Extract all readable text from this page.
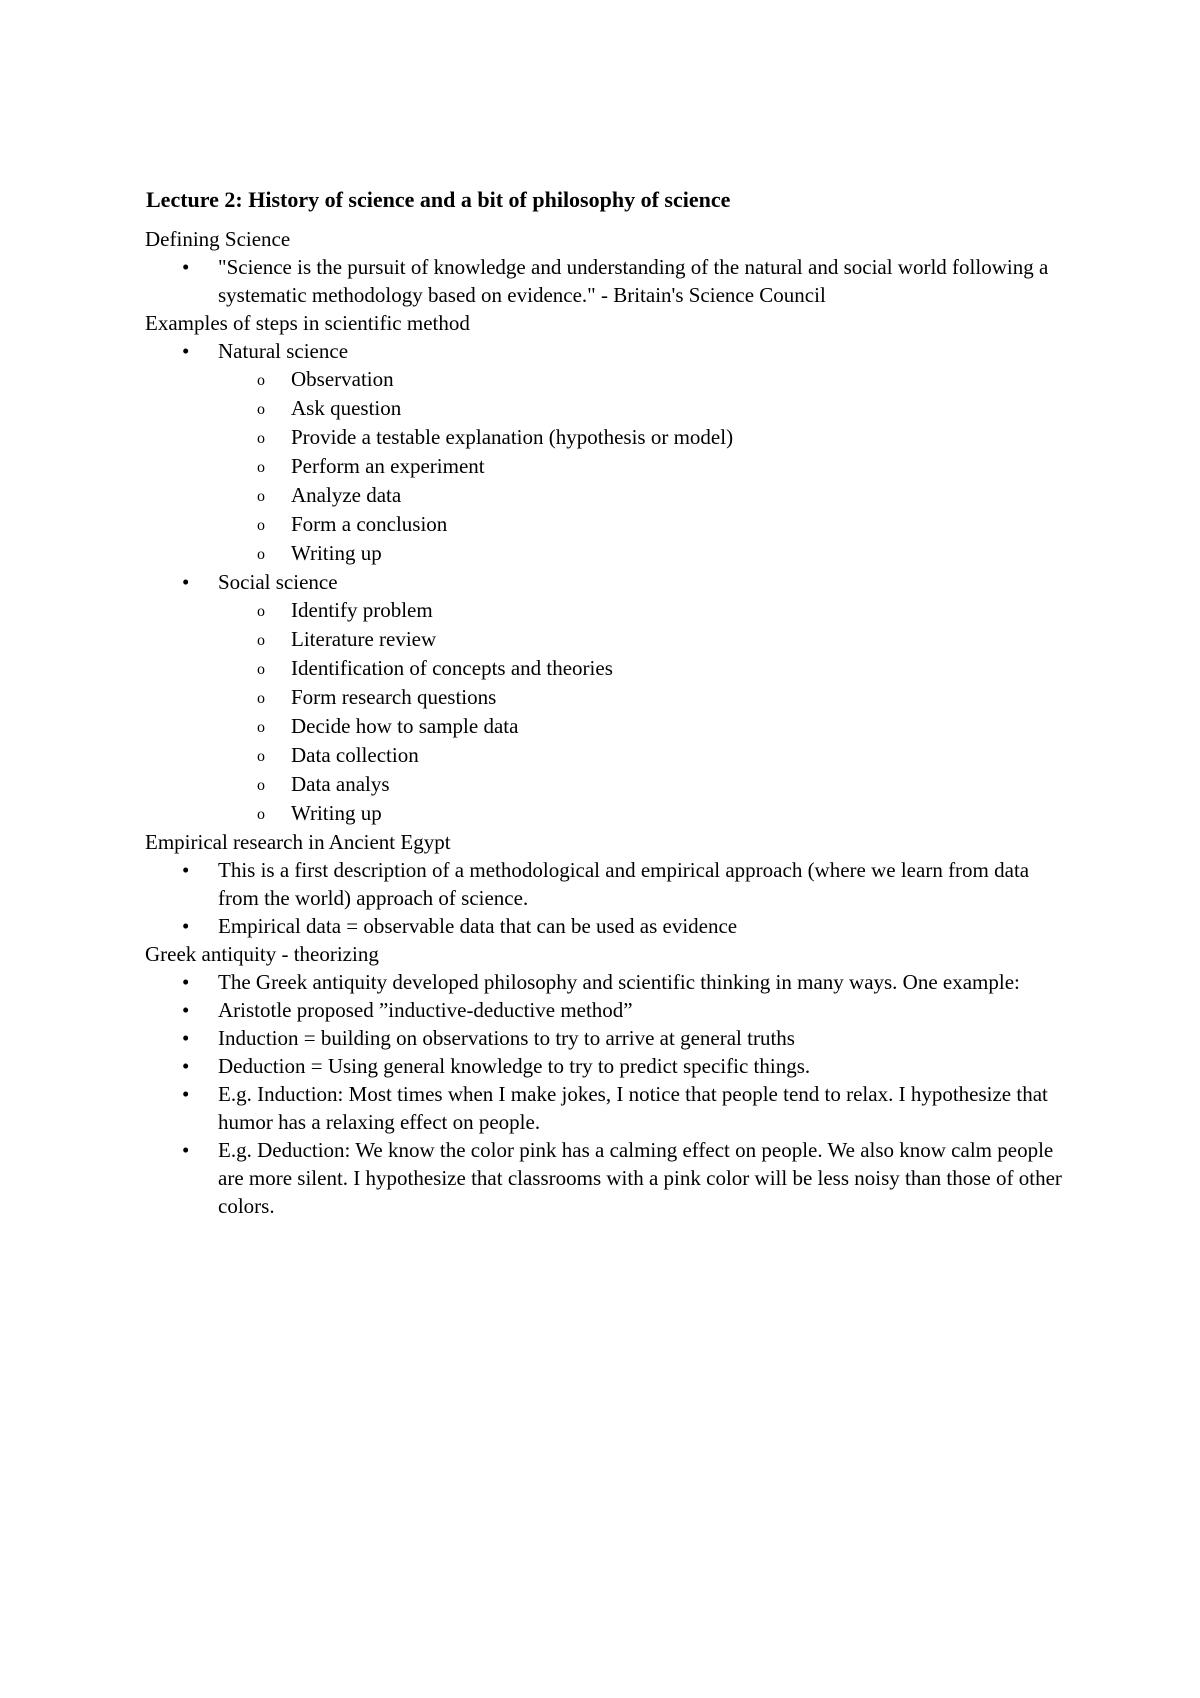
Lecture 2: History of science and a bit of philosophy of science
Defining Science
• "Science is the pursuit of knowledge and understanding of the natural and social world following a systematic methodology based on evidence." - Britain's Science Council
Examples of steps in scientific method
• Natural science
o Observation
o Ask question
o Provide a testable explanation (hypothesis or model)
o Perform an experiment
o Analyze data
o Form a conclusion
o Writing up
• Social science
o Identify problem
o Literature review
o Identification of concepts and theories
o Form research questions
o Decide how to sample data
o Data collection
o Data analys
o Writing up
Empirical research in Ancient Egypt
• This is a first description of a methodological and empirical approach (where we learn from data from the world) approach of science.
• Empirical data = observable data that can be used as evidence
Greek antiquity - theorizing
• The Greek antiquity developed philosophy and scientific thinking in many ways. One example:
• Aristotle proposed ”inductive-deductive method”
• Induction = building on observations to try to arrive at general truths
• Deduction = Using general knowledge to try to predict specific things.
• E.g. Induction: Most times when I make jokes, I notice that people tend to relax. I hypothesize that humor has a relaxing effect on people.
• E.g. Deduction: We know the color pink has a calming effect on people. We also know calm people are more silent. I hypothesize that classrooms with a pink color will be less noisy than those of other colors.
